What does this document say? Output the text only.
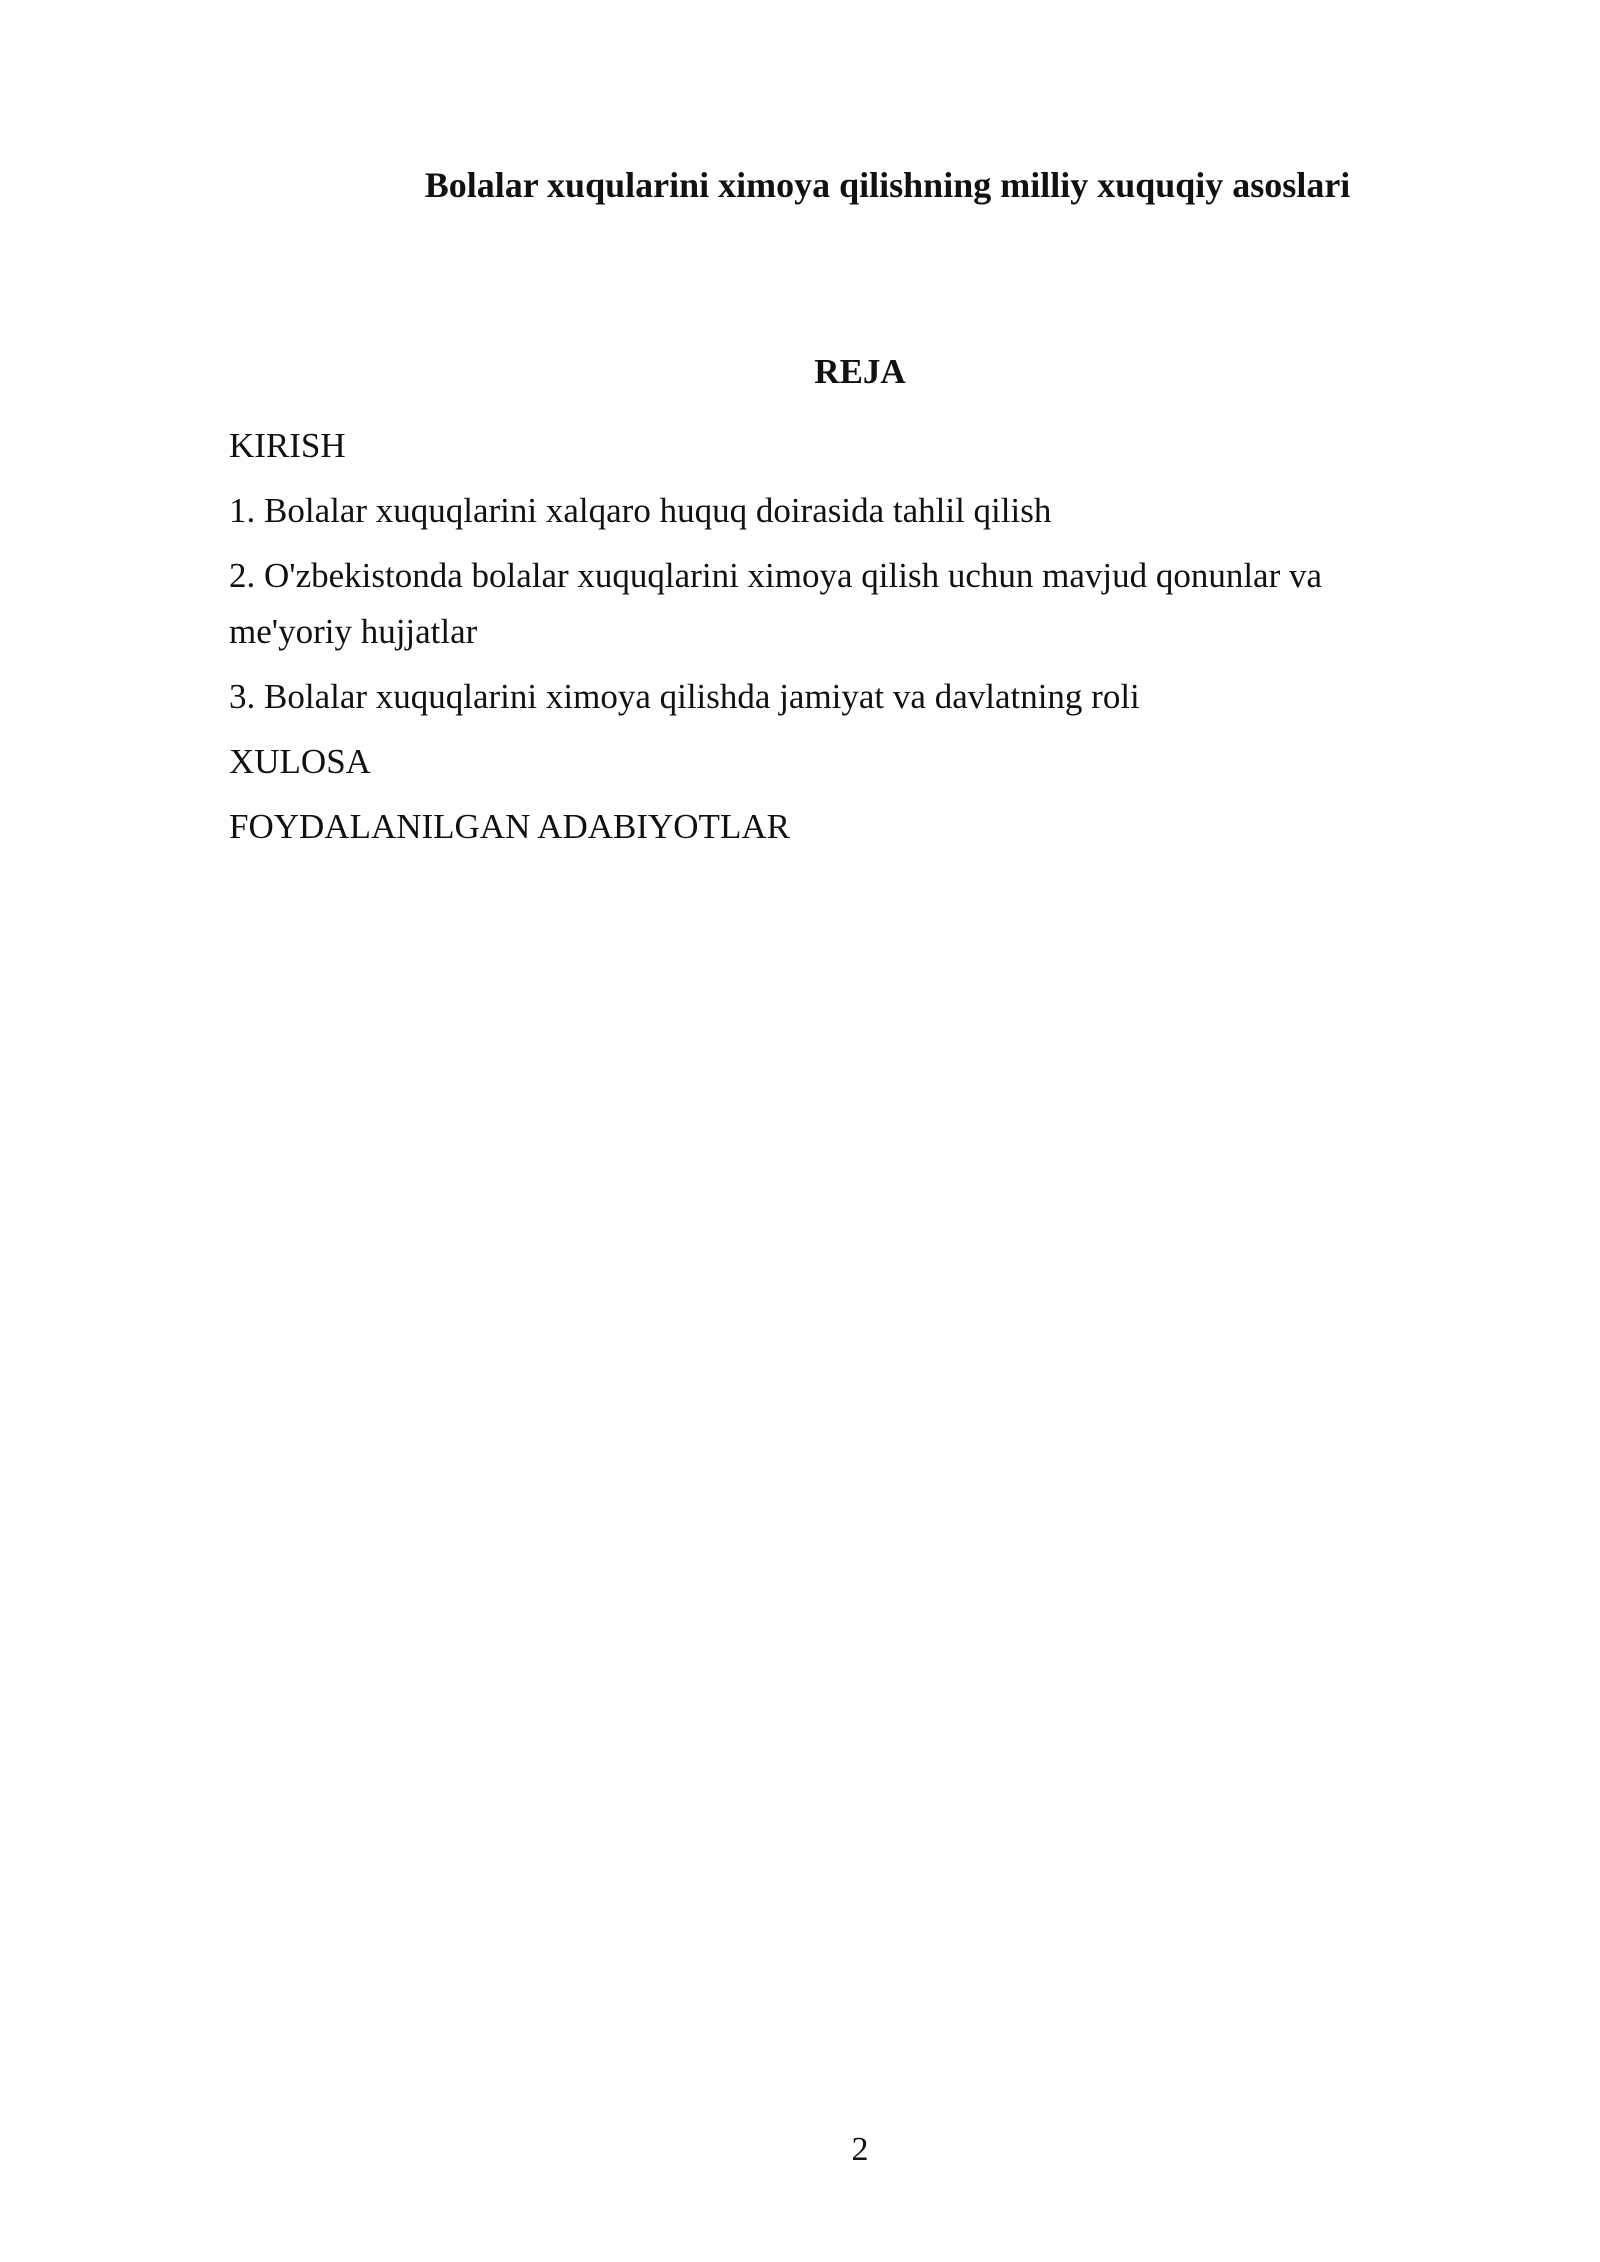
Bolalar xuqularini ximoya qilishning milliy xuquqiy asoslari
REJA
KIRISH
1. Bolalar xuquqlarini xalqaro huquq doirasida tahlil qilish
2. O'zbekistonda bolalar xuquqlarini ximoya qilish uchun mavjud qonunlar va me'yoriy hujjatlar
3. Bolalar xuquqlarini ximoya qilishda jamiyat va davlatning roli
XULOSA
FOYDALANILGAN ADABIYOTLAR
2
